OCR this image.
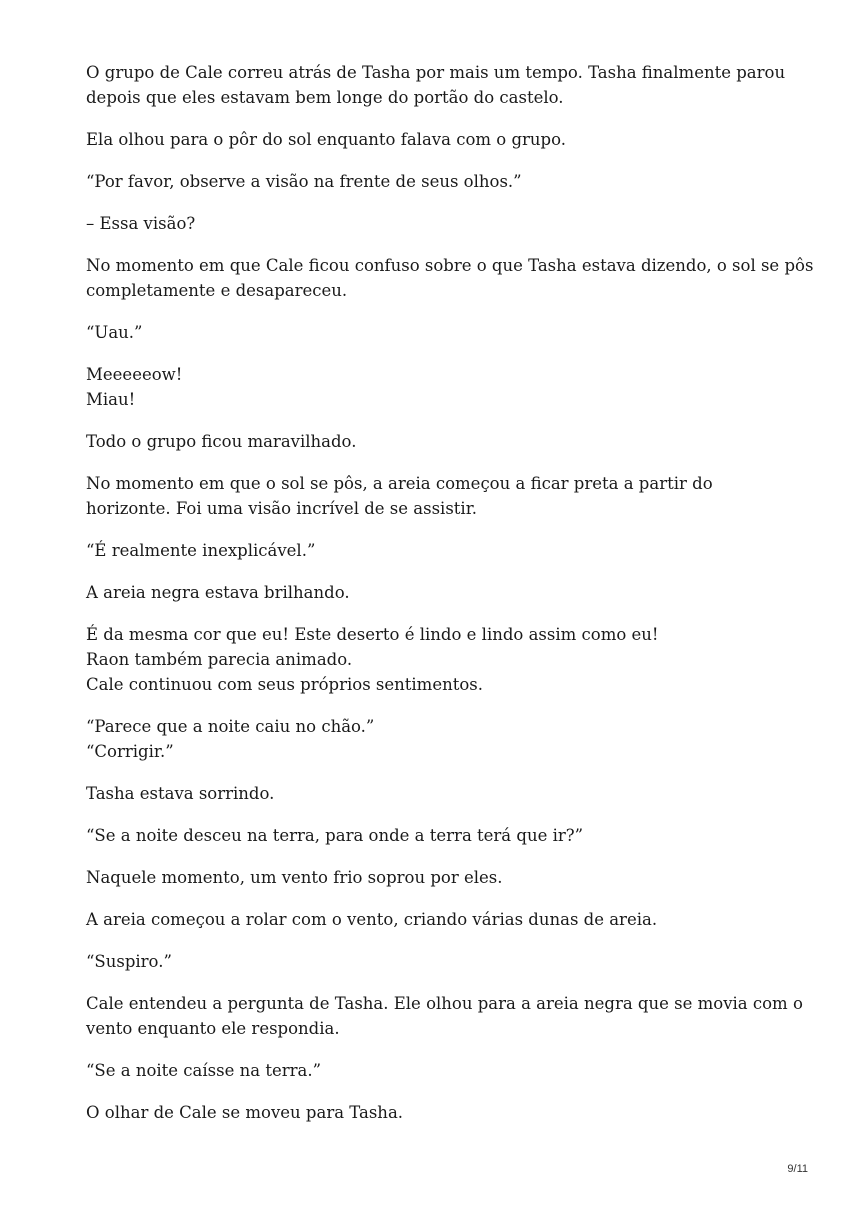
O grupo de Cale correu atrás de Tasha por mais um tempo. Tasha finalmente parou
depois que eles estavam bem longe do portão do castelo.

Ela olhou para o pôr do sol enquanto falava com o grupo.

“Por favor, observe a visão na frente de seus olhos.”

– Essa visão?

No momento em que Cale ficou confuso sobre o que Tasha estava dizendo, o sol se pôs
completamente e desapareceu.

“Uau.”

Meeeeeow!
Miau!

Todo o grupo ficou maravilhado.

No momento em que o sol se pôs, a areia começou a ficar preta a partir do
horizonte. Foi uma visão incrível de se assistir.

“É realmente inexplicável.”

A areia negra estava brilhando.

É da mesma cor que eu! Este deserto é lindo e lindo assim como eu!
Raon também parecia animado.
Cale continuou com seus próprios sentimentos.

“Parece que a noite caiu no chão.”
“Corrigir.”

Tasha estava sorrindo.

“Se a noite desceu na terra, para onde a terra terá que ir?”

Naquele momento, um vento frio soprou por eles.

A areia começou a rolar com o vento, criando várias dunas de areia.

“Suspiro.”

Cale entendeu a pergunta de Tasha. Ele olhou para a areia negra que se movia com o
vento enquanto ele respondia.

“Se a noite caísse na terra.”

O olhar de Cale se moveu para Tasha.

9/11
